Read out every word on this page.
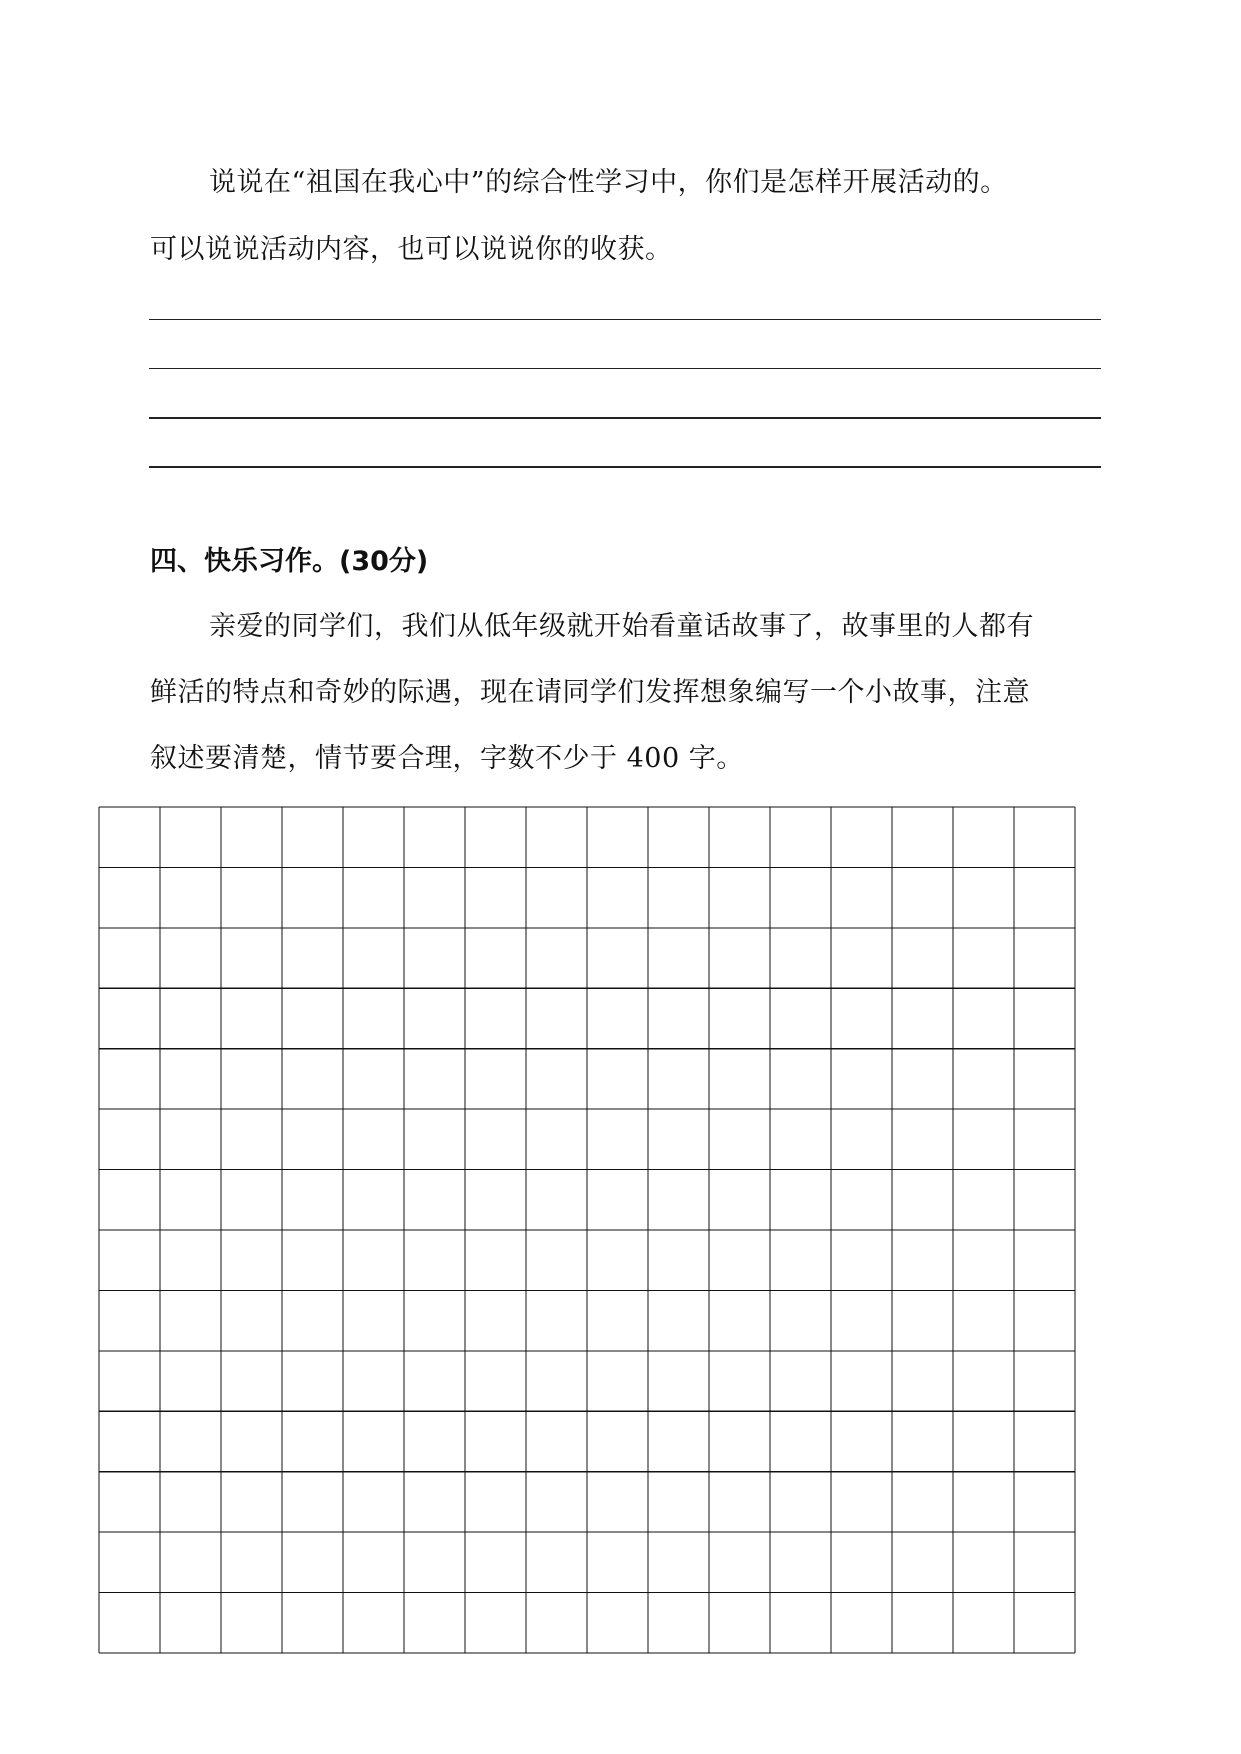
说说在“祖国在我心中”的综合性学习中，你们是怎样开展活动的。
可以说说活动内容，也可以说说你的收获。
四、快乐习作。(30分)
亲爱的同学们，我们从低年级就开始看童话故事了，故事里的人都有
鲜活的特点和奇妙的际遇，现在请同学们发挥想象编写一个小故事，注意
叙述要清楚，情节要合理，字数不少于 400 字。
